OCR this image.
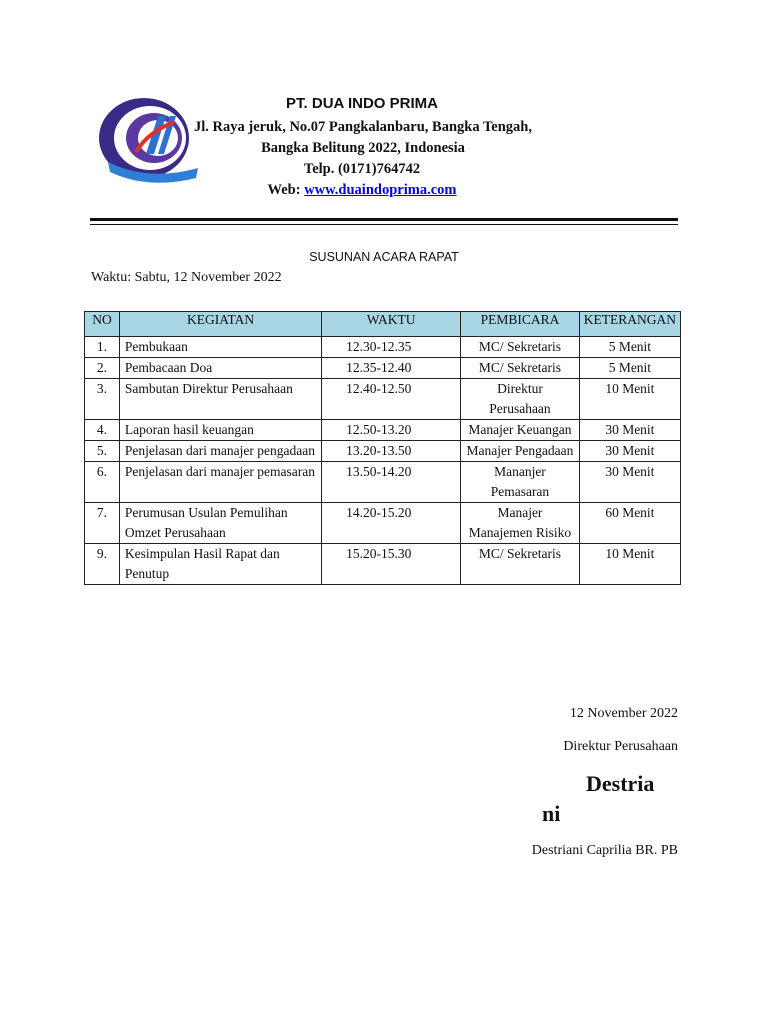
PT. DUA INDO PRIMA
Jl. Raya jeruk, No.07 Pangkalanbaru, Bangka Tengah,
Bangka Belitung 2022, Indonesia
Telp. (0171)764742
Web: www.duaindoprima.com
SUSUNAN ACARA RAPAT
Waktu: Sabtu, 12 November 2022
NO	KEGIATAN	WAKTU	PEMBICARA	KETERANGAN
1.	Pembukaan	12.30-12.35	MC/ Sekretaris	5 Menit
2.	Pembacaan Doa	12.35-12.40	MC/ Sekretaris	5 Menit
3.	Sambutan Direktur Perusahaan	12.40-12.50	Direktur Perusahaan	10 Menit
4.	Laporan hasil keuangan	12.50-13.20	Manajer Keuangan	30 Menit
5.	Penjelasan dari manajer pengadaan	13.20-13.50	Manajer Pengadaan	30 Menit
6.	Penjelasan dari manajer pemasaran	13.50-14.20	Mananjer Pemasaran	30 Menit
7.	Perumusan Usulan Pemulihan Omzet Perusahaan	14.20-15.20	Manajer Manajemen Risiko	60 Menit
9.	Kesimpulan Hasil Rapat dan Penutup	15.20-15.30	MC/ Sekretaris	10 Menit
12 November 2022
Direktur Perusahaan
Destria
ni
Destriani Caprilia BR. PB
